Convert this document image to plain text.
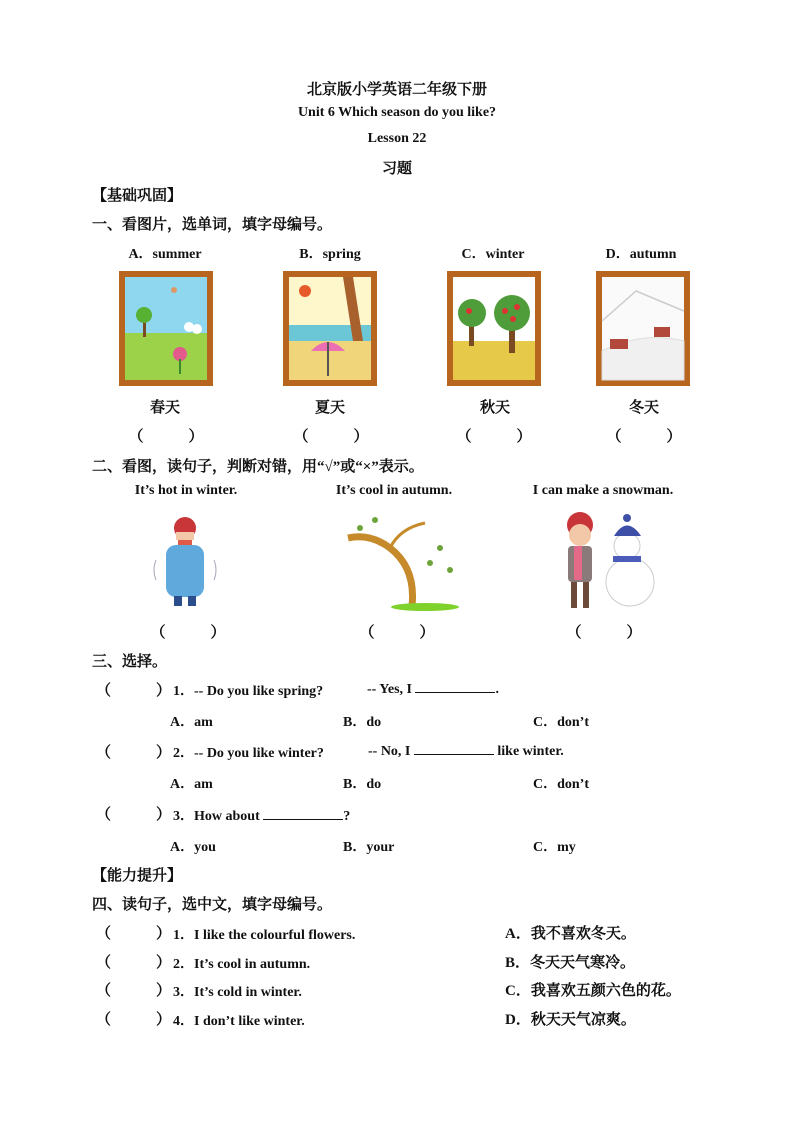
北京版小学英语二年级下册
Unit 6 Which season do you like?
Lesson 22
习题
【基础巩固】
一、看图片，选单词，填字母编号。
A．summer	B．spring	C．winter	D．autumn
春天	夏天	秋天	冬天
（　　　）	（　　　）	（　　　）	（　　　）
二、看图，读句子，判断对错，用“√”或“×”表示。
It’s hot in winter.	It’s cool in autumn.	I can make a snowman.
（　　　）	（　　　）	（　　　）
三、选择。
（　　　） 1．-- Do you like spring?	-- Yes, I	.
A．am	B．do	C．don’t
（　　　） 2．-- Do you like winter?	-- No, I	like winter.
A．am	B．do	C．don’t
（　　　） 3．How about	?
A．you	B．your	C．my
【能力提升】
四、读句子，选中文，填字母编号。
（　　　） 1．I like the colourful flowers.	A．我不喜欢冬天。
（　　　） 2．It’s cool in autumn.	B．冬天天气寒冷。
（　　　） 3．It’s cold in winter.	C．我喜欢五颜六色的花。
（　　　） 4．I don’t like winter.	D．秋天天气凉爽。
